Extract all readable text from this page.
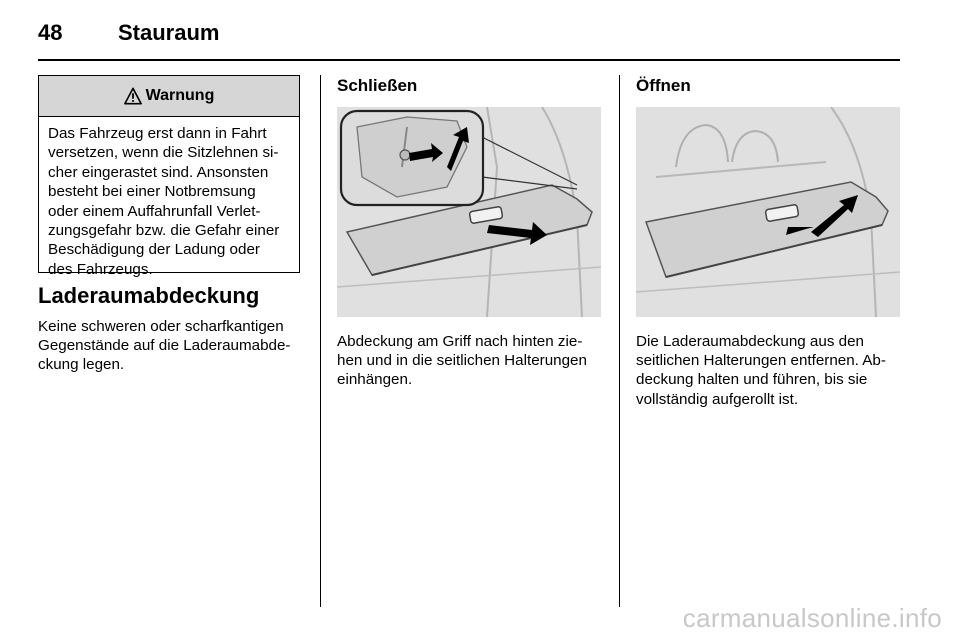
48	Stauraum
Warnung
Das Fahrzeug erst dann in Fahrt
versetzen, wenn die Sitzlehnen si-
cher eingerastet sind. Ansonsten
besteht bei einer Notbremsung
oder einem Auffahrunfall Verlet-
zungsgefahr bzw. die Gefahr einer
Beschädigung der Ladung oder
des Fahrzeugs.
Laderaumabdeckung
Keine schweren oder scharfkantigen
Gegenstände auf die Laderaumabde-
ckung legen.
Schließen
Abdeckung am Griff nach hinten zie-
hen und in die seitlichen Halterungen
einhängen.
Öffnen
Die Laderaumabdeckung aus den
seitlichen Halterungen entfernen. Ab-
deckung halten und führen, bis sie
vollständig aufgerollt ist.
carmanualsonline.info
